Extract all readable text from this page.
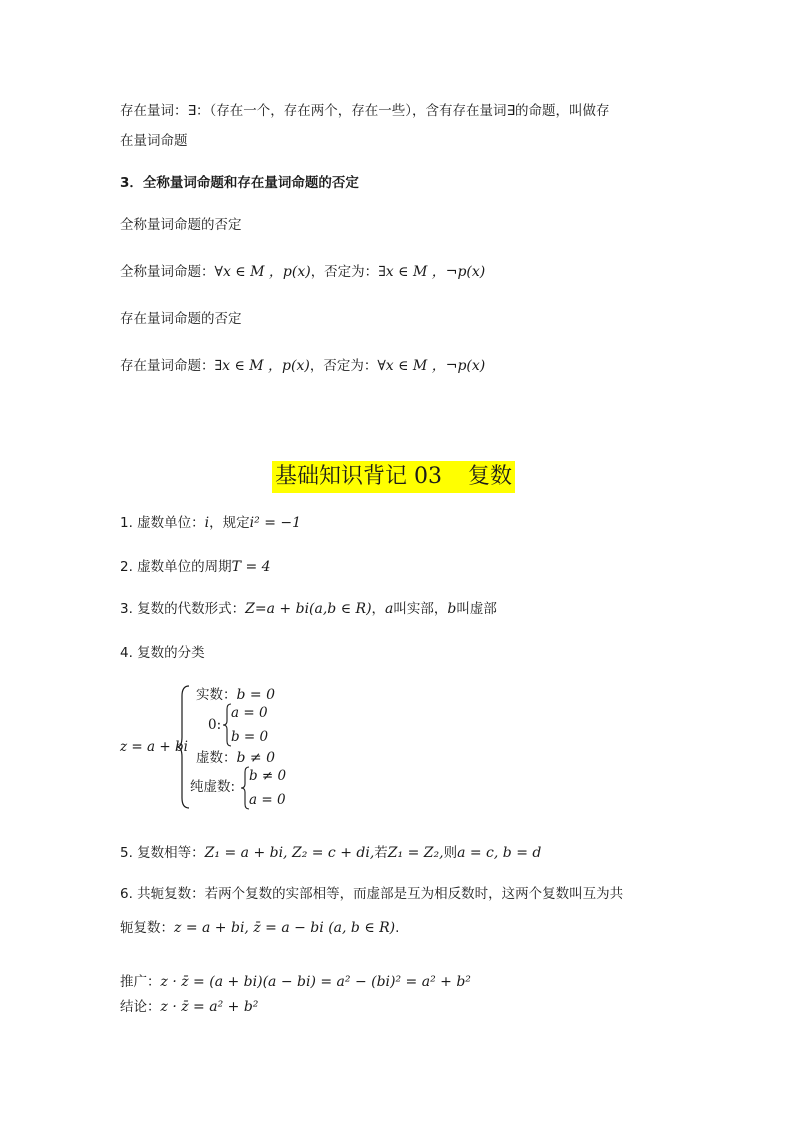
存在量词：∃：（存在一个，存在两个，存在一些），含有存在量词∃的命题，叫做存
在量词命题
3．全称量词命题和存在量词命题的否定
全称量词命题的否定
全称量词命题：∀x ∈ M ，p(x)，否定为：∃x ∈ M ，¬p(x)
存在量词命题的否定
存在量词命题：∃x ∈ M ，p(x)，否定为：∀x ∈ M ，¬p(x)
基础知识背记 03 复数
1. 虚数单位：i，规定i² = −1
2. 虚数单位的周期T = 4
3. 复数的代数形式：Z=a + bi(a,b ∈ R)，a叫实部，b叫虚部
4. 复数的分类
z = a + bi
实数：b = 0
0:
a = 0
b = 0
虚数：b ≠ 0
纯虚数:
b ≠ 0
a = 0
5. 复数相等：Z₁ = a + bi, Z₂ = c + di,若Z₁ = Z₂,则a = c, b = d
6. 共轭复数：若两个复数的实部相等，而虚部是互为相反数时，这两个复数叫互为共
轭复数：z = a + bi, z̄ = a − bi (a, b ∈ R).
推广：z · z̄ = (a + bi)(a − bi) = a² − (bi)² = a² + b²
结论：z · z̄ = a² + b²
